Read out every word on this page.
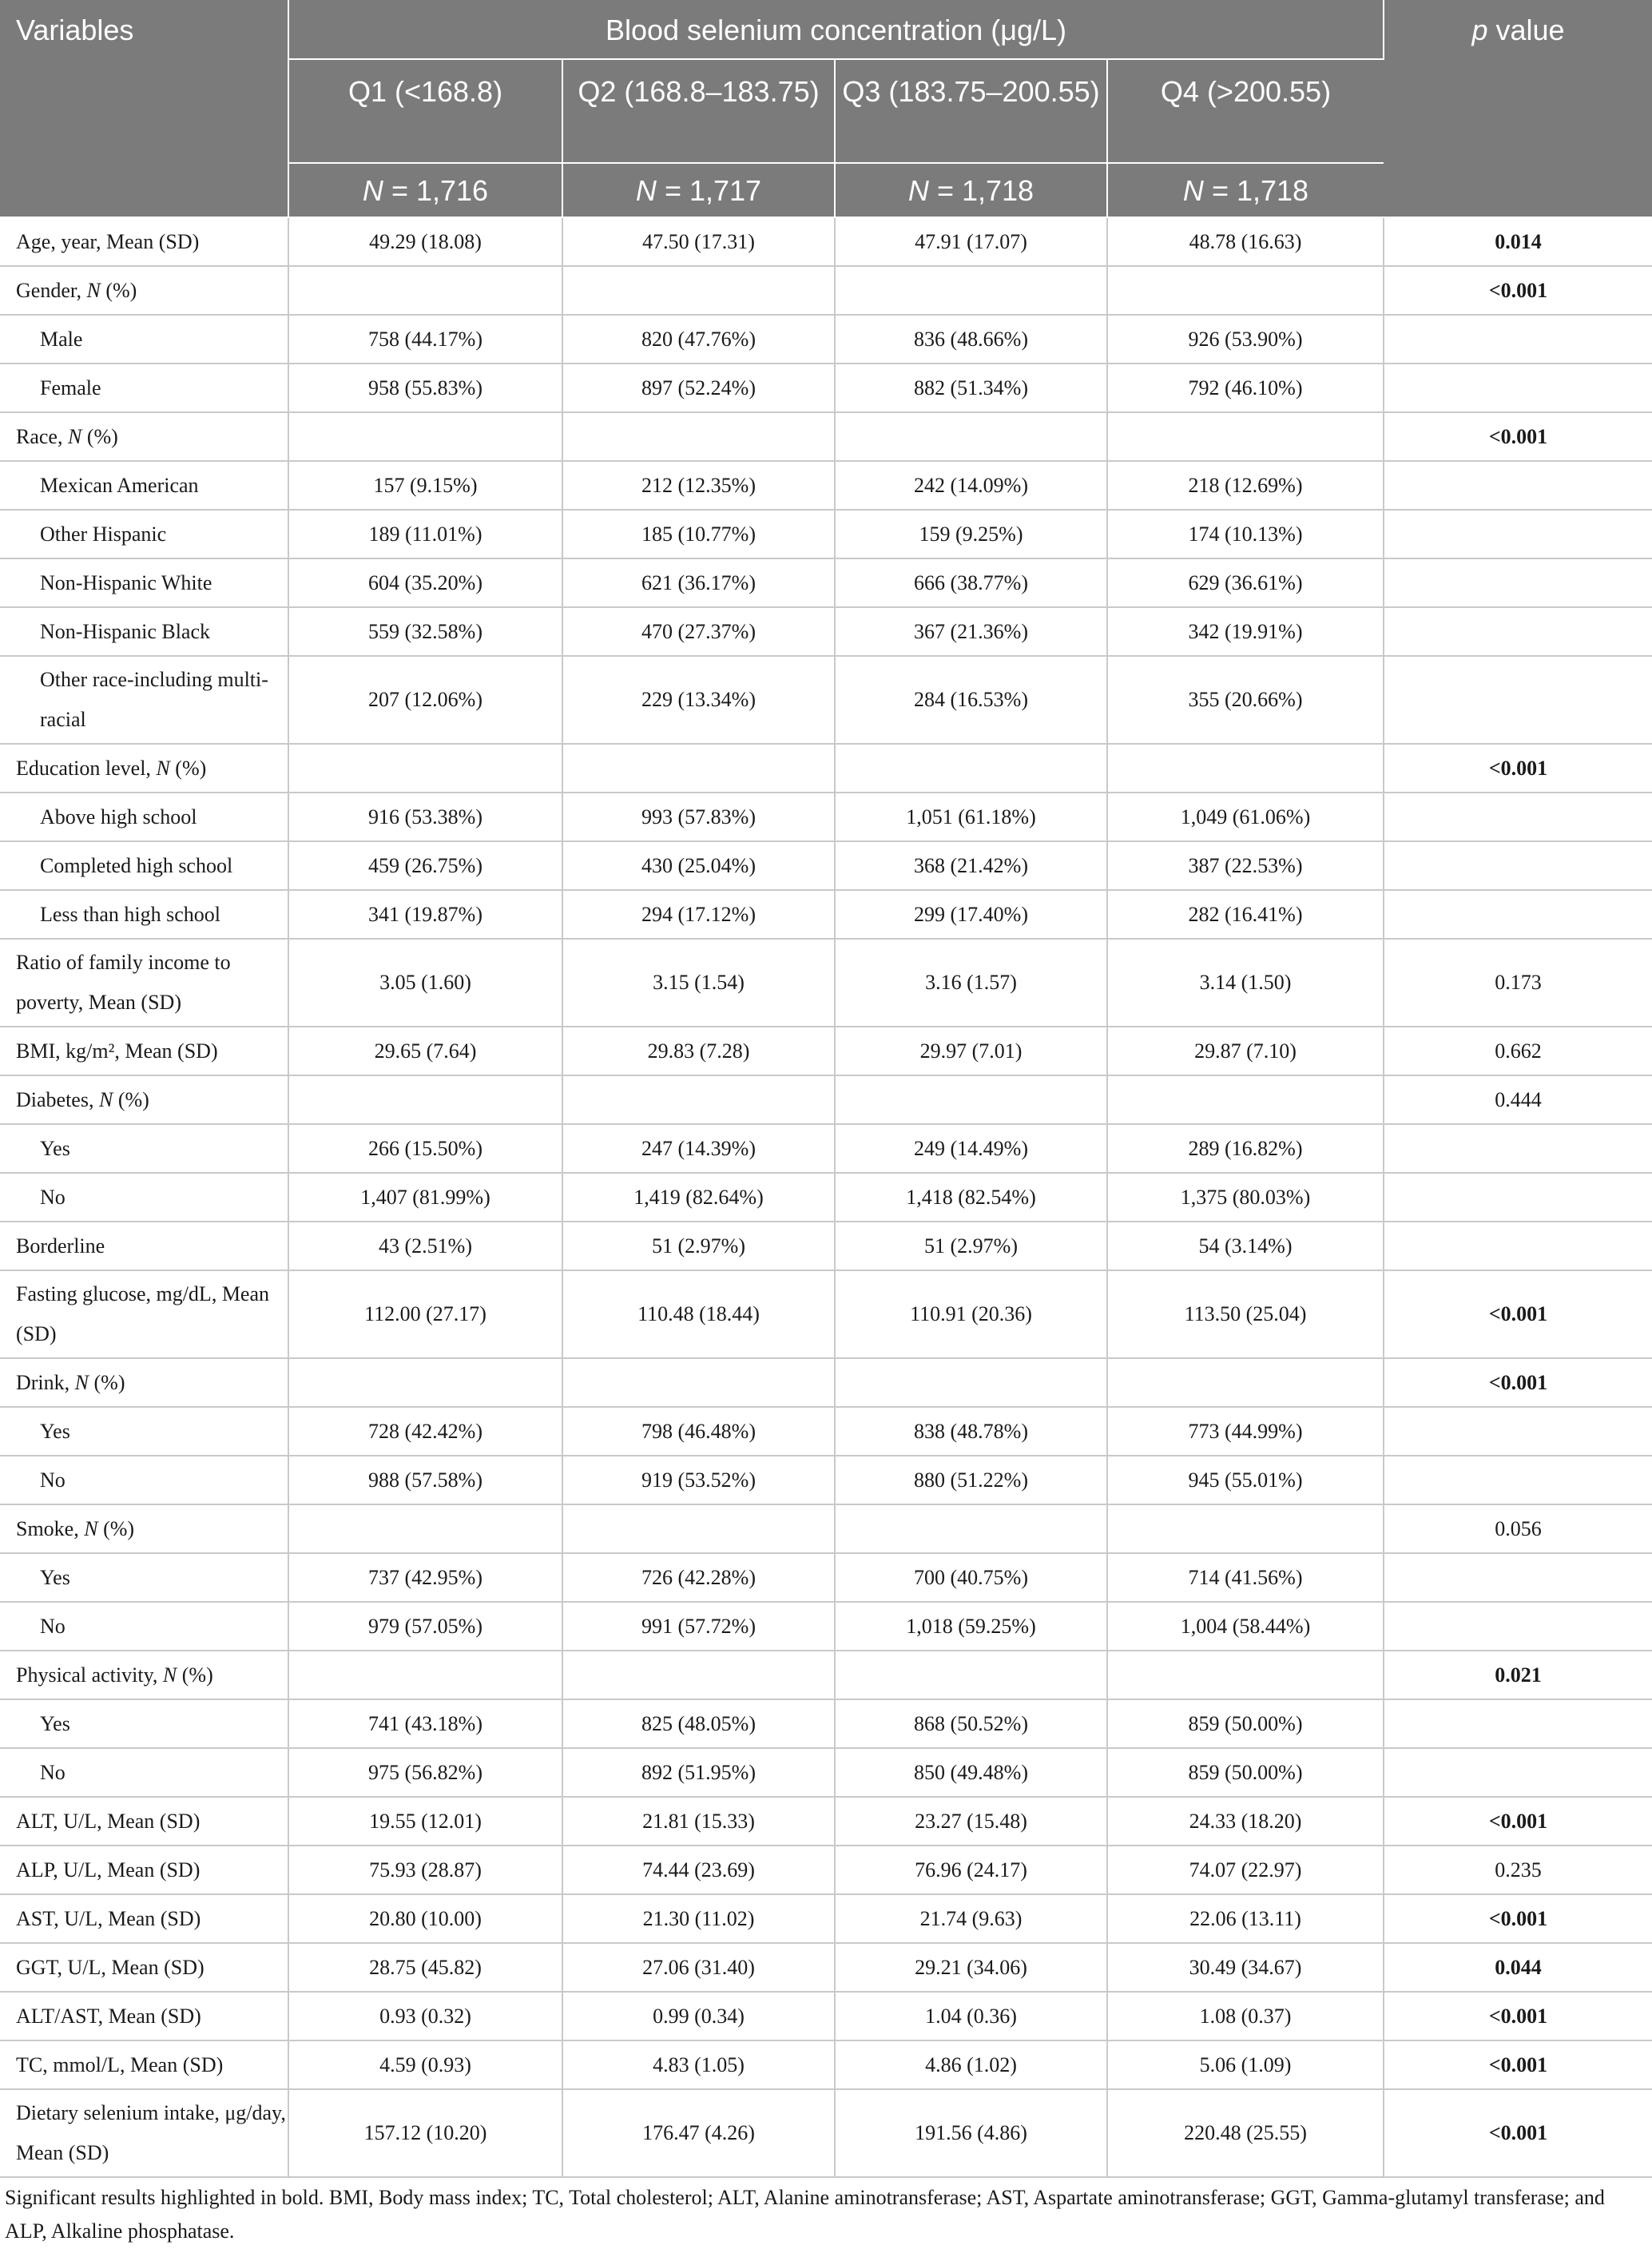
Variables	Blood selenium concentration (μg/L)				p value
	Q1 (<168.8)	Q2 (168.8–183.75)	Q3 (183.75–200.55)	Q4 (>200.55)	
	N = 1,716	N = 1,717	N = 1,718	N = 1,718	
Age, year, Mean (SD)	49.29 (18.08)	47.50 (17.31)	47.91 (17.07)	48.78 (16.63)	0.014
Gender, N (%)					<0.001
Male	758 (44.17%)	820 (47.76%)	836 (48.66%)	926 (53.90%)	
Female	958 (55.83%)	897 (52.24%)	882 (51.34%)	792 (46.10%)	
Race, N (%)					<0.001
Mexican American	157 (9.15%)	212 (12.35%)	242 (14.09%)	218 (12.69%)	
Other Hispanic	189 (11.01%)	185 (10.77%)	159 (9.25%)	174 (10.13%)	
Non-Hispanic White	604 (35.20%)	621 (36.17%)	666 (38.77%)	629 (36.61%)	
Non-Hispanic Black	559 (32.58%)	470 (27.37%)	367 (21.36%)	342 (19.91%)	
Other race-including multi-racial	207 (12.06%)	229 (13.34%)	284 (16.53%)	355 (20.66%)	
Education level, N (%)					<0.001
Above high school	916 (53.38%)	993 (57.83%)	1,051 (61.18%)	1,049 (61.06%)	
Completed high school	459 (26.75%)	430 (25.04%)	368 (21.42%)	387 (22.53%)	
Less than high school	341 (19.87%)	294 (17.12%)	299 (17.40%)	282 (16.41%)	
Ratio of family income to poverty, Mean (SD)	3.05 (1.60)	3.15 (1.54)	3.16 (1.57)	3.14 (1.50)	0.173
BMI, kg/m², Mean (SD)	29.65 (7.64)	29.83 (7.28)	29.97 (7.01)	29.87 (7.10)	0.662
Diabetes, N (%)					0.444
Yes	266 (15.50%)	247 (14.39%)	249 (14.49%)	289 (16.82%)	
No	1,407 (81.99%)	1,419 (82.64%)	1,418 (82.54%)	1,375 (80.03%)	
Borderline	43 (2.51%)	51 (2.97%)	51 (2.97%)	54 (3.14%)	
Fasting glucose, mg/dL, Mean (SD)	112.00 (27.17)	110.48 (18.44)	110.91 (20.36)	113.50 (25.04)	<0.001
Drink, N (%)					<0.001
Yes	728 (42.42%)	798 (46.48%)	838 (48.78%)	773 (44.99%)	
No	988 (57.58%)	919 (53.52%)	880 (51.22%)	945 (55.01%)	
Smoke, N (%)					0.056
Yes	737 (42.95%)	726 (42.28%)	700 (40.75%)	714 (41.56%)	
No	979 (57.05%)	991 (57.72%)	1,018 (59.25%)	1,004 (58.44%)	
Physical activity, N (%)					0.021
Yes	741 (43.18%)	825 (48.05%)	868 (50.52%)	859 (50.00%)	
No	975 (56.82%)	892 (51.95%)	850 (49.48%)	859 (50.00%)	
ALT, U/L, Mean (SD)	19.55 (12.01)	21.81 (15.33)	23.27 (15.48)	24.33 (18.20)	<0.001
ALP, U/L, Mean (SD)	75.93 (28.87)	74.44 (23.69)	76.96 (24.17)	74.07 (22.97)	0.235
AST, U/L, Mean (SD)	20.80 (10.00)	21.30 (11.02)	21.74 (9.63)	22.06 (13.11)	<0.001
GGT, U/L, Mean (SD)	28.75 (45.82)	27.06 (31.40)	29.21 (34.06)	30.49 (34.67)	0.044
ALT/AST, Mean (SD)	0.93 (0.32)	0.99 (0.34)	1.04 (0.36)	1.08 (0.37)	<0.001
TC, mmol/L, Mean (SD)	4.59 (0.93)	4.83 (1.05)	4.86 (1.02)	5.06 (1.09)	<0.001
Dietary selenium intake, μg/day, Mean (SD)	157.12 (10.20)	176.47 (4.26)	191.56 (4.86)	220.48 (25.55)	<0.001
Significant results highlighted in bold. BMI, Body mass index; TC, Total cholesterol; ALT, Alanine aminotransferase; AST, Aspartate aminotransferase; GGT, Gamma-glutamyl transferase; and ALP, Alkaline phosphatase.
